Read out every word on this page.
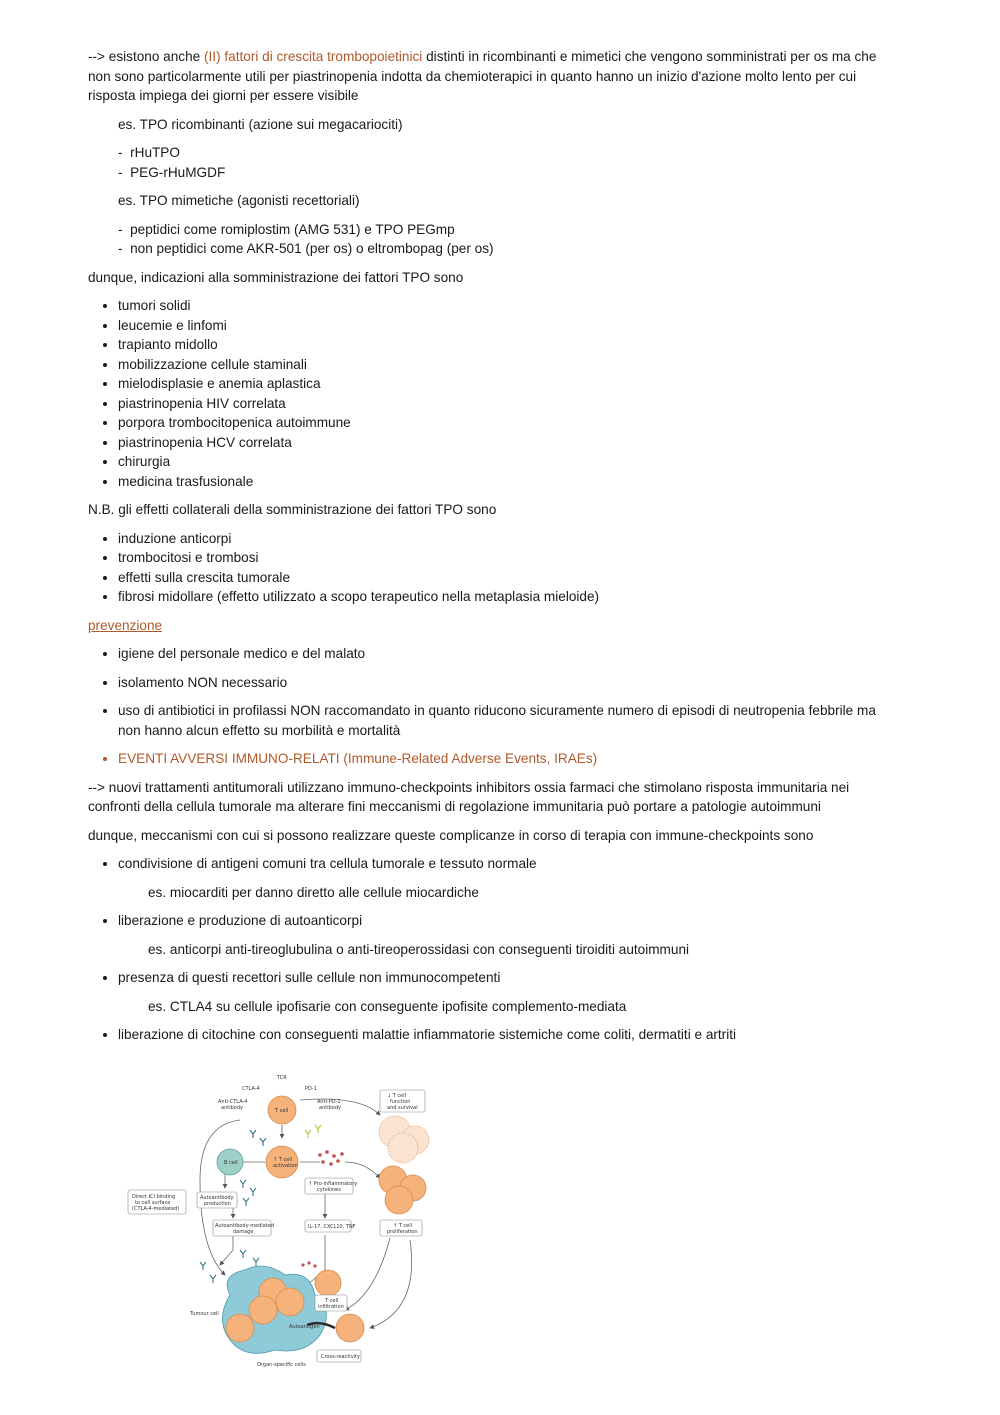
--> esistono anche (II) fattori di crescita trombopoietinici distinti in ricombinanti e mimetici che vengono somministrati per os ma che non sono particolarmente utili per piastrinopenia indotta da chemioterapici in quanto hanno un inizio d'azione molto lento per cui risposta impiega dei giorni per essere visibile

es. TPO ricombinanti (azione sui megacariociti)

- rHuTPO
- PEG-rHuMGDF

es. TPO mimetiche (agonisti recettoriali)

- peptidici come romiplostim (AMG 531) e TPO PEGmp
- non peptidici come AKR-501 (per os) o eltrombopag (per os)

dunque, indicazioni alla somministrazione dei fattori TPO sono

• tumori solidi
• leucemie e linfomi
• trapianto midollo
• mobilizzazione cellule staminali
• mielodisplasie e anemia aplastica
• piastrinopenia HIV correlata
• porpora trombocitopenica autoimmune
• piastrinopenia HCV correlata
• chirurgia
• medicina trasfusionale

N.B. gli effetti collaterali della somministrazione dei fattori TPO sono

• induzione anticorpi
• trombocitosi e trombosi
• effetti sulla crescita tumorale
• fibrosi midollare (effetto utilizzato a scopo terapeutico nella metaplasia mieloide)

prevenzione

• igiene del personale medico e del malato
• isolamento NON necessario
• uso di antibiotici in profilassi NON raccomandato in quanto riducono sicuramente numero di episodi di neutropenia febbrile ma non hanno alcun effetto su morbilità e mortalità
• EVENTI AVVERSI IMMUNO-RELATI (Immune-Related Adverse Events, IRAEs)

--> nuovi trattamenti antitumorali utilizzano immuno-checkpoints inhibitors ossia farmaci che stimolano risposta immunitaria nei confronti della cellula tumorale ma alterare fini meccanismi di regolazione immunitaria può portare a patologie autoimmuni

dunque, meccanismi con cui si possono realizzare queste complicanze in corso di terapia con immune-checkpoints sono

• condivisione di antigeni comuni tra cellula tumorale e tessuto normale
es. miocarditi per danno diretto alle cellule miocardiche
• liberazione e produzione di autoanticorpi
es. anticorpi anti-tireoglubulina o anti-tireoperossidasi con conseguenti tiroiditi autoimmuni
• presenza di questi recettori sulle cellule non immunocompetenti
es. CTLA4 su cellule ipofisarie con conseguente ipofisite complemento-mediata
• liberazione di citochine con conseguenti malattie infiammatorie sistemiche come coliti, dermatiti e artriti
T cell
TCR
CTLA-4	PD-1
Anti-CTLA-4
antibody
Anti-PD-1
antibody
↓ T cell
function
and survival
↑ T cell
activation
B cell
↑ Pro-inflammatory
cytokines
Direct ICI binding
to cell surface
(CTLA-4-mediated)
Autoantibody
production
Autoantibody-mediated
damage
IL-17, CXCL10, TNF	↑ T cell
proliferation
T cell
infiltration
Tumour cell
Autoantigen
Cross-reactivity
Organ-specific cells
